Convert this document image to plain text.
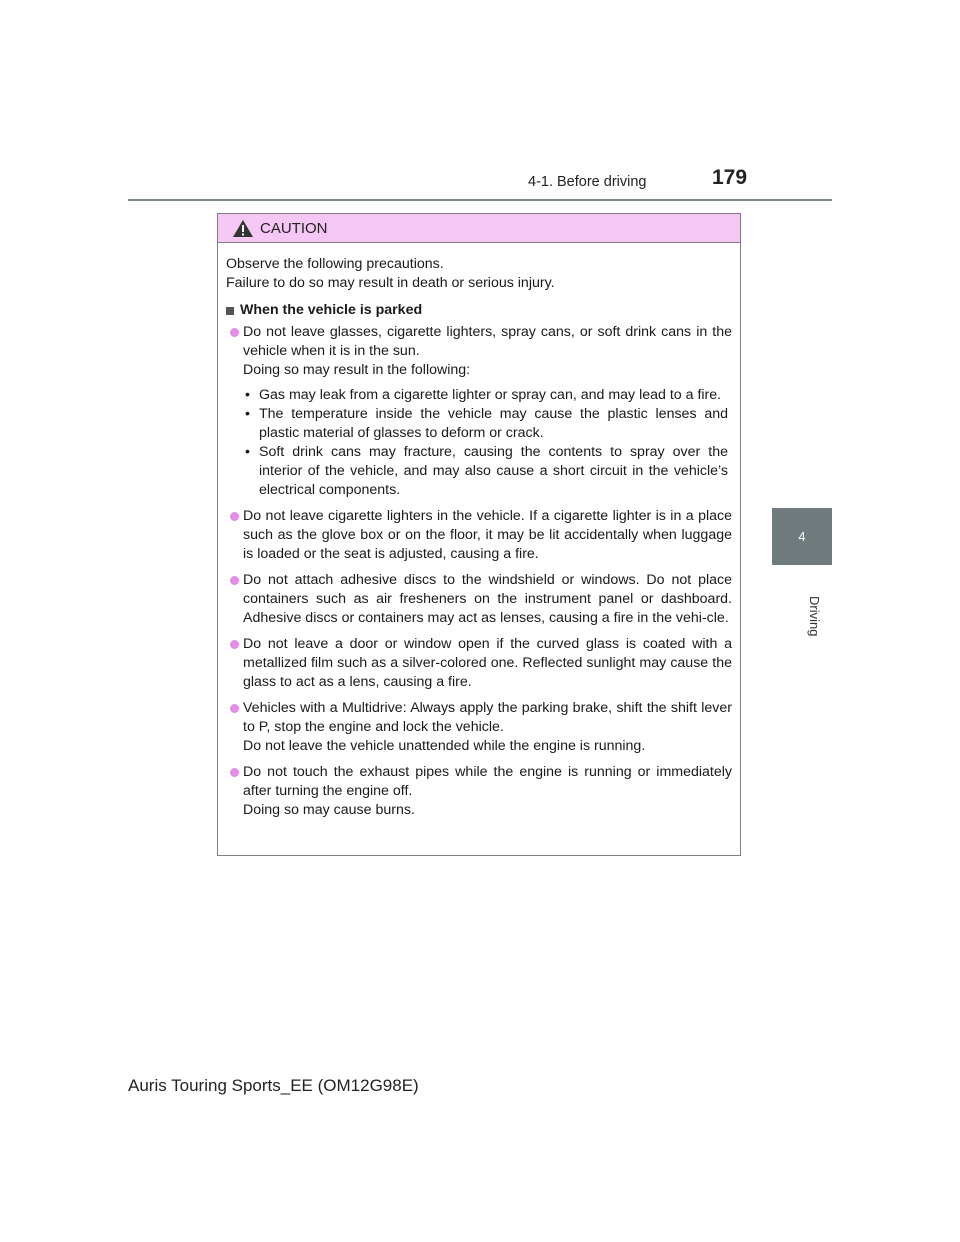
4-1. Before driving	179
4
Driving
CAUTION
Observe the following precautions.
Failure to do so may result in death or serious injury.
When the vehicle is parked
Do not leave glasses, cigarette lighters, spray cans, or soft drink cans in the vehicle when it is in the sun.
Doing so may result in the following:
• Gas may leak from a cigarette lighter or spray can, and may lead to a fire.
• The temperature inside the vehicle may cause the plastic lenses and plastic material of glasses to deform or crack.
• Soft drink cans may fracture, causing the contents to spray over the interior of the vehicle, and may also cause a short circuit in the vehicle’s electrical components.
Do not leave cigarette lighters in the vehicle. If a cigarette lighter is in a place such as the glove box or on the floor, it may be lit accidentally when luggage is loaded or the seat is adjusted, causing a fire.
Do not attach adhesive discs to the windshield or windows. Do not place containers such as air fresheners on the instrument panel or dashboard. Adhesive discs or containers may act as lenses, causing a fire in the vehi-cle.
Do not leave a door or window open if the curved glass is coated with a metallized film such as a silver-colored one. Reflected sunlight may cause the glass to act as a lens, causing a fire.
Vehicles with a Multidrive: Always apply the parking brake, shift the shift lever to P, stop the engine and lock the vehicle.
Do not leave the vehicle unattended while the engine is running.
Do not touch the exhaust pipes while the engine is running or immediately after turning the engine off.
Doing so may cause burns.
Auris Touring Sports_EE (OM12G98E)
